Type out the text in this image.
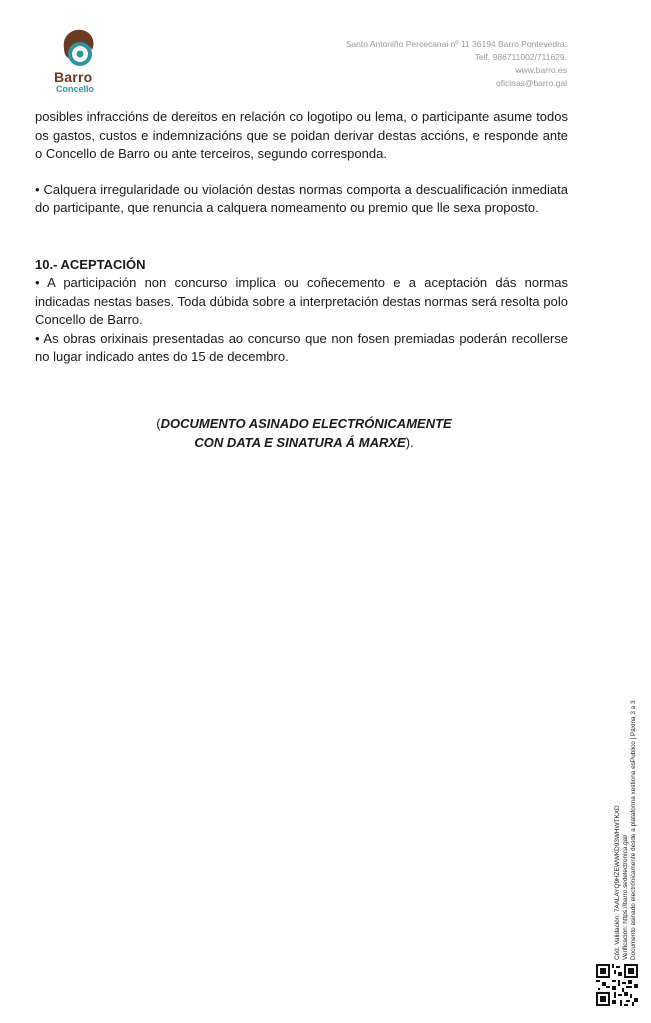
Barro
Concello
Santo Antoniño Percecanai nº 11 36194 Barro Pontevedra.
Telf. 986711002/711629.
www.barro.es
oficinas@barro.gal

posibles infraccións de dereitos en relación co logotipo ou lema, o participante asume todos os gastos, custos e indemnizacións que se poidan derivar destas accións, e responde ante o Concello de Barro ou ante terceiros, segundo corresponda.

• Calquera irregularidade ou violación destas normas comporta a descualificación inmediata do participante, que renuncia a calquera nomeamento ou premio que lle sexa proposto.

10.- ACEPTACIÓN

• A participación non concurso implica ou coñecemento e a aceptación dás normas indicadas nestas bases. Toda dúbida sobre a interpretación destas normas será resolta polo Concello de Barro.

• As obras orixinais presentadas ao concurso que non fosen premiadas poderán recollerse no lugar indicado antes do 15 de decembro.

(DOCUMENTO ASINADO ELECTRÓNICAMENTE
CON DATA E SINATURA Á MARXE).
Cód. Validación: 7AALAYQ9HZEWWKD93WHWTKXD Verificación: https://barro.sedelectronica.gal/ Documento asinado electrónicamente desde a plataforma xestiona esPublico | Páxina 3 a 3
